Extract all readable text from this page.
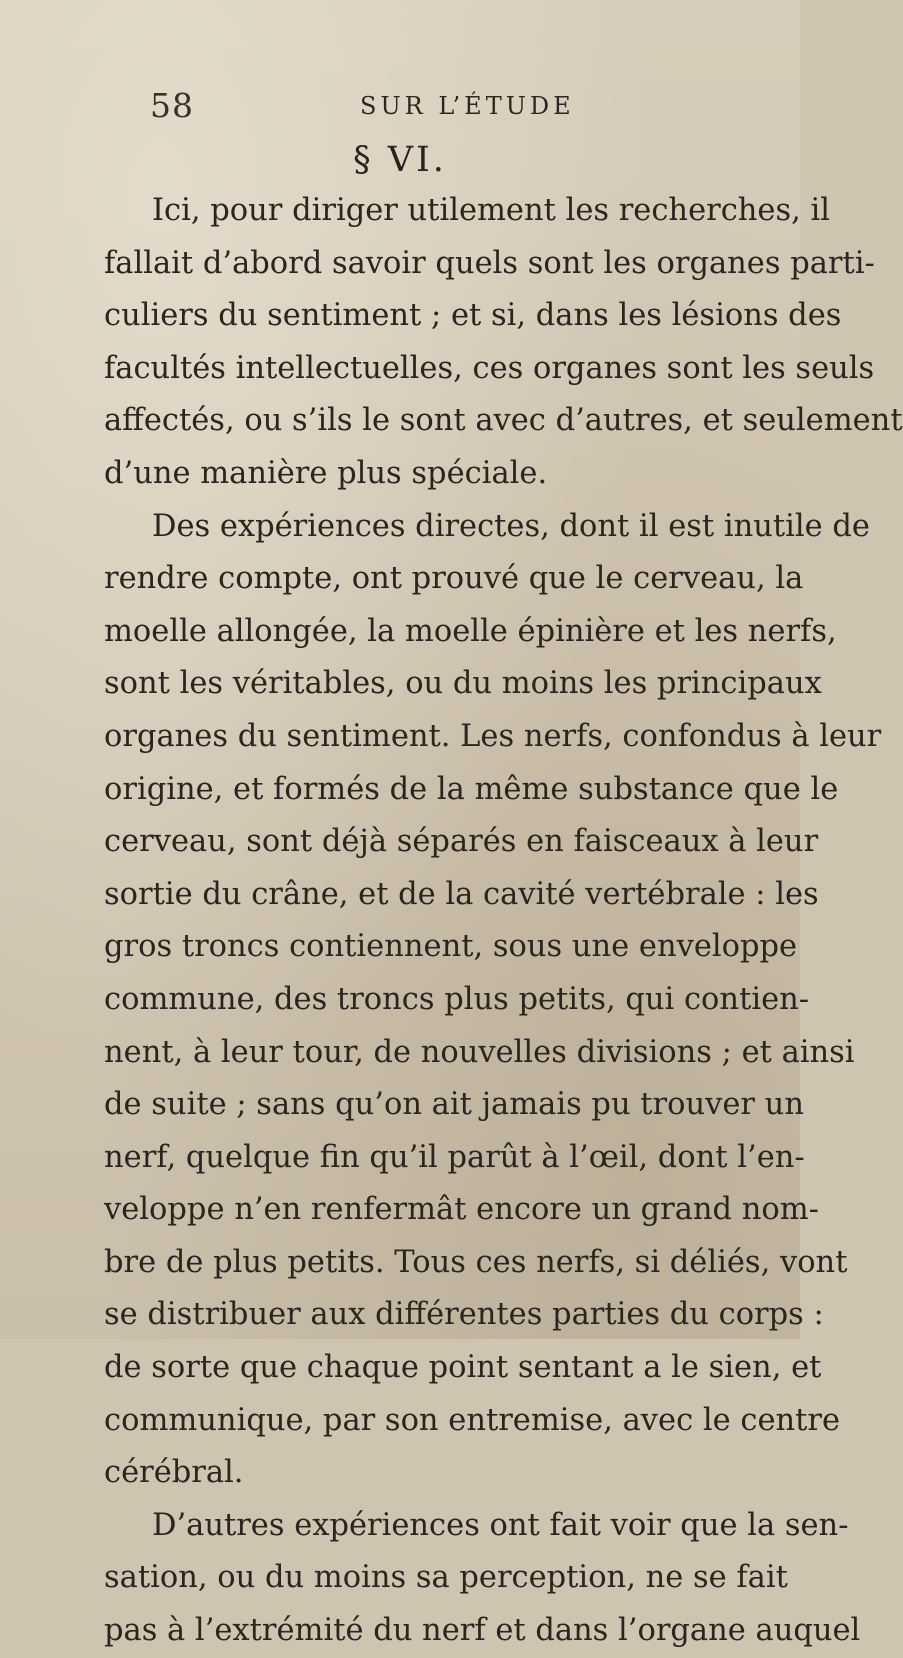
58	SUR L’ÉTUDE
§ VI.
Ici, pour diriger utilement les recherches, il
fallait d’abord savoir quels sont les organes parti-
culiers du sentiment ; et si, dans les lésions des
facultés intellectuelles, ces organes sont les seuls
affectés, ou s’ils le sont avec d’autres, et seulement
d’une manière plus spéciale.
Des expériences directes, dont il est inutile de
rendre compte, ont prouvé que le cerveau, la
moelle allongée, la moelle épinière et les nerfs,
sont les véritables, ou du moins les principaux
organes du sentiment. Les nerfs, confondus à leur
origine, et formés de la même substance que le
cerveau, sont déjà séparés en faisceaux à leur
sortie du crâne, et de la cavité vertébrale : les
gros troncs contiennent, sous une enveloppe
commune, des troncs plus petits, qui contien-
nent, à leur tour, de nouvelles divisions ; et ainsi
de suite ; sans qu’on ait jamais pu trouver un
nerf, quelque fin qu’il parût à l’œil, dont l’en-
veloppe n’en renfermât encore un grand nom-
bre de plus petits. Tous ces nerfs, si déliés, vont
se distribuer aux différentes parties du corps :
de sorte que chaque point sentant a le sien, et
communique, par son entremise, avec le centre
cérébral.
D’autres expériences ont fait voir que la sen-
sation, ou du moins sa perception, ne se fait
pas à l’extrémité du nerf et dans l’organe auquel
